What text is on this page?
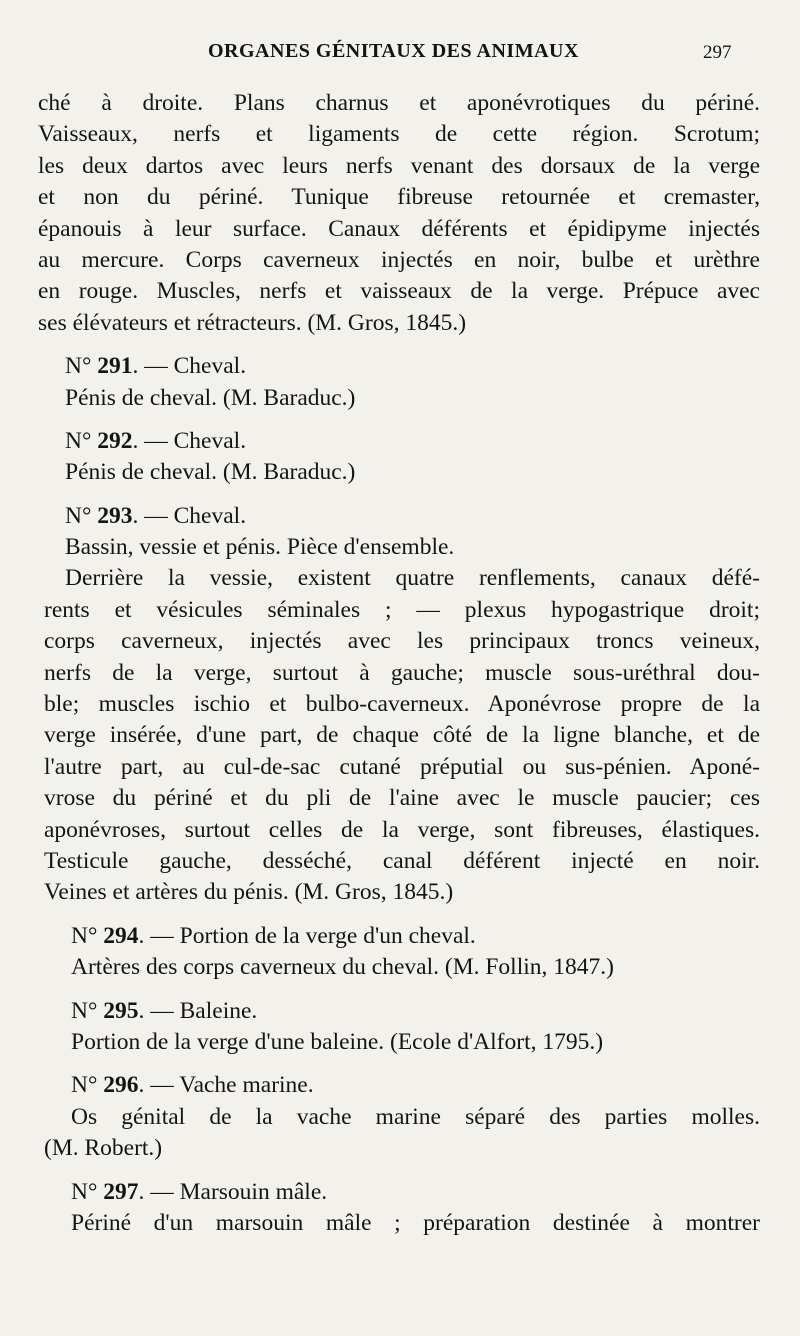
ORGANES GÉNITAUX DES ANIMAUX	297
ché à droite. Plans charnus et aponévrotiques du périné.
Vaisseaux, nerfs et ligaments de cette région. Scrotum;
les deux dartos avec leurs nerfs venant des dorsaux de la verge
et non du périné. Tunique fibreuse retournée et cremaster,
épanouis à leur surface. Canaux déférents et épidipyme injectés
au mercure. Corps caverneux injectés en noir, bulbe et urèthre
en rouge. Muscles, nerfs et vaisseaux de la verge. Prépuce avec
ses élévateurs et rétracteurs. (M. Gros, 1845.)
N° 291. — Cheval.
Pénis de cheval. (M. Baraduc.)
N° 292. — Cheval.
Pénis de cheval. (M. Baraduc.)
N° 293. — Cheval.
Bassin, vessie et pénis. Pièce d'ensemble.
Derrière la vessie, existent quatre renflements, canaux défé-
rents et vésicules séminales ; — plexus hypogastrique droit;
corps caverneux, injectés avec les principaux troncs veineux,
nerfs de la verge, surtout à gauche; muscle sous-uréthral dou-
ble; muscles ischio et bulbo-caverneux. Aponévrose propre de la
verge insérée, d'une part, de chaque côté de la ligne blanche, et de
l'autre part, au cul-de-sac cutané préputial ou sus-pénien. Aponé-
vrose du périné et du pli de l'aine avec le muscle paucier; ces
aponévroses, surtout celles de la verge, sont fibreuses, élastiques.
Testicule gauche, desséché, canal déférent injecté en noir.
Veines et artères du pénis. (M. Gros, 1845.)
N° 294. — Portion de la verge d'un cheval.
Artères des corps caverneux du cheval. (M. Follin, 1847.)
N° 295. — Baleine.
Portion de la verge d'une baleine. (Ecole d'Alfort, 1795.)
N° 296. — Vache marine.
Os génital de la vache marine séparé des parties molles.
(M. Robert.)
N° 297. — Marsouin mâle.
Périné d'un marsouin mâle ; préparation destinée à montrer
